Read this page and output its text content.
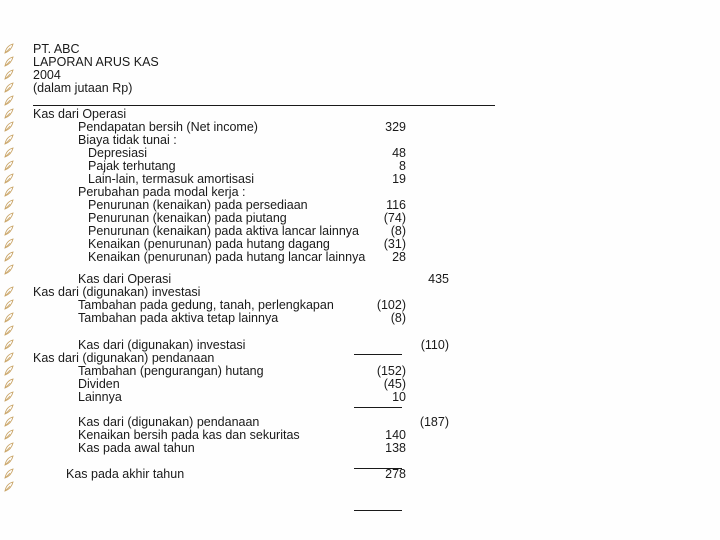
PT. ABC
LAPORAN ARUS KAS
2004
(dalam jutaan Rp)
Kas dari Operasi
Pendapatan bersih (Net income)	329
Biaya tidak tunai :
Depresiasi	48
Pajak terhutang	8
Lain-lain, termasuk amortisasi	19
Perubahan pada modal kerja :
Penurunan (kenaikan) pada persediaan	116
Penurunan (kenaikan) pada piutang	(74)
Penurunan (kenaikan) pada aktiva lancar lainnya	(8)
Kenaikan (penurunan) pada hutang dagang	(31)
Kenaikan (penurunan) pada hutang lancar lainnya	28
Kas dari Operasi	435
Kas dari (digunakan) investasi
Tambahan pada gedung, tanah, perlengkapan	(102)
Tambahan pada aktiva tetap lainnya	(8)
Kas dari (digunakan) investasi	(110)
Kas dari (digunakan) pendanaan
Tambahan (pengurangan) hutang	(152)
Dividen	(45)
Lainnya	10
Kas dari (digunakan) pendanaan	(187)
Kenaikan bersih pada kas dan sekuritas	140
Kas pada awal tahun	138
Kas pada akhir tahun	278
